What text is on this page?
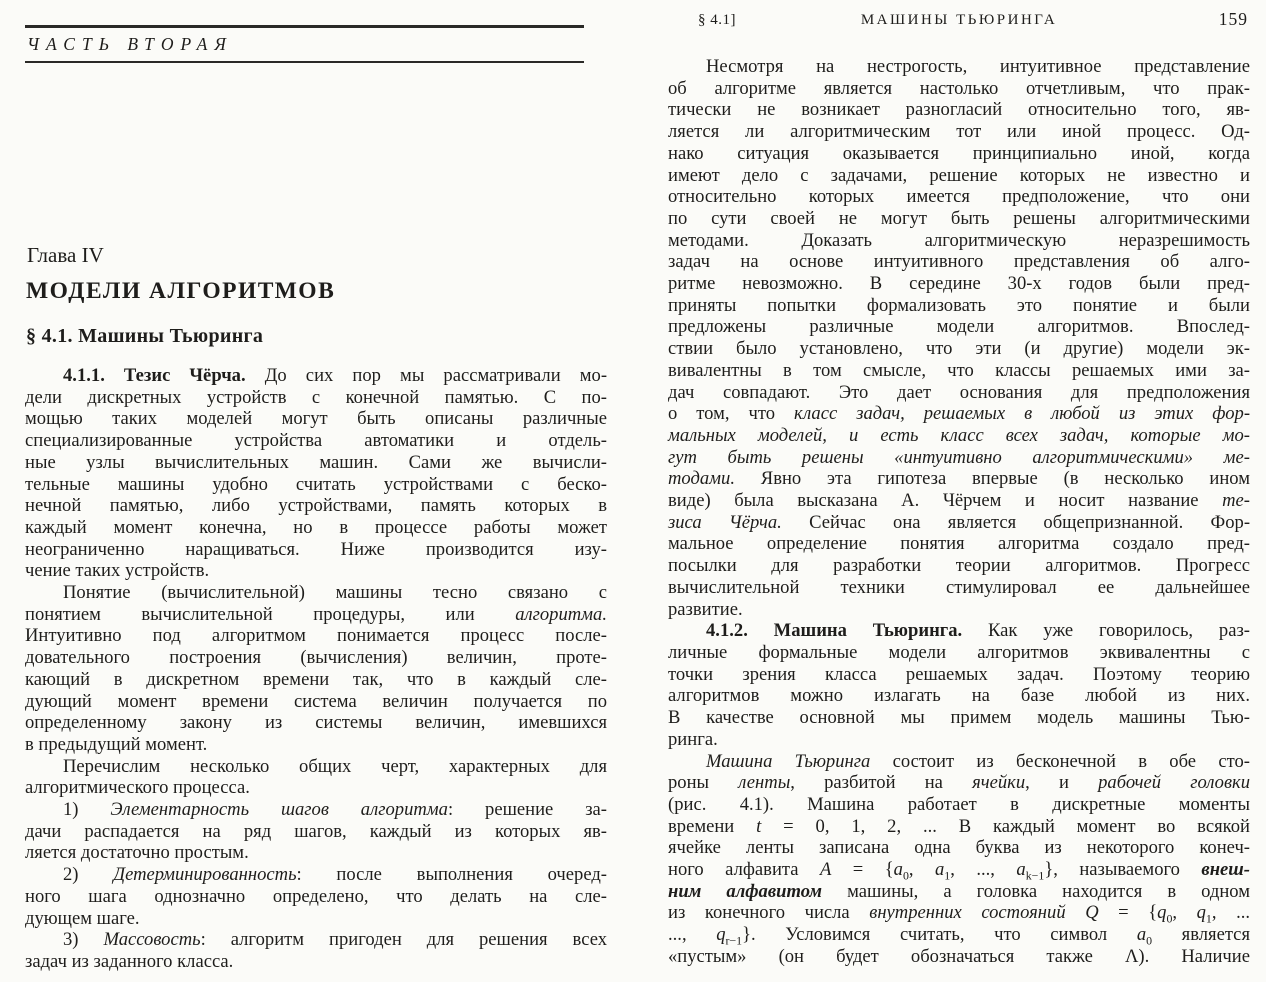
ЧАСТЬ ВТОРАЯ
Глава IV
МОДЕЛИ АЛГОРИТМОВ
§ 4.1. Машины Тьюринга
4.1.1. Тезис Чёрча. До сих пор мы рассматривали мо-
дели дискретных устройств с конечной памятью. С по-
мощью таких моделей могут быть описаны различные
специализированные устройства автоматики и отдель-
ные узлы вычислительных машин. Сами же вычисли-
тельные машины удобно считать устройствами с беско-
нечной памятью, либо устройствами, память которых в
каждый момент конечна, но в процессе работы может
неограниченно наращиваться. Ниже производится изу-
чение таких устройств.
Понятие (вычислительной) машины тесно связано с
понятием вычислительной процедуры, или алгоритма.
Интуитивно под алгоритмом понимается процесс после-
довательного построения (вычисления) величин, проте-
кающий в дискретном времени так, что в каждый сле-
дующий момент времени система величин получается по
определенному закону из системы величин, имевшихся
в предыдущий момент.
Перечислим несколько общих черт, характерных для
алгоритмического процесса.
1) Элементарность шагов алгоритма: решение за-
дачи распадается на ряд шагов, каждый из которых яв-
ляется достаточно простым.
2) Детерминированность: после выполнения очеред-
ного шага однозначно определено, что делать на сле-
дующем шаге.
3) Массовость: алгоритм пригоден для решения всех
задач из заданного класса.
§ 4.1]	МАШИНЫ ТЬЮРИНГА	159
Несмотря на нестрогость, интуитивное представление
об алгоритме является настолько отчетливым, что прак-
тически не возникает разногласий относительно того, яв-
ляется ли алгоритмическим тот или иной процесс. Од-
нако ситуация оказывается принципиально иной, когда
имеют дело с задачами, решение которых не известно и
относительно которых имеется предположение, что они
по сути своей не могут быть решены алгоритмическими
методами. Доказать алгоритмическую неразрешимость
задач на основе интуитивного представления об алго-
ритме невозможно. В середине 30-х годов были пред-
приняты попытки формализовать это понятие и были
предложены различные модели алгоритмов. Впослед-
ствии было установлено, что эти (и другие) модели эк-
вивалентны в том смысле, что классы решаемых ими за-
дач совпадают. Это дает основания для предположения
о том, что класс задач, решаемых в любой из этих фор-
мальных моделей, и есть класс всех задач, которые мо-
гут быть решены «интуитивно алгоритмическими» ме-
тодами. Явно эта гипотеза впервые (в несколько ином
виде) была высказана А. Чёрчем и носит название те-
зиса Чёрча. Сейчас она является общепризнанной. Фор-
мальное определение понятия алгоритма создало пред-
посылки для разработки теории алгоритмов. Прогресс
вычислительной техники стимулировал ее дальнейшее
развитие.
4.1.2. Машина Тьюринга. Как уже говорилось, раз-
личные формальные модели алгоритмов эквивалентны с
точки зрения класса решаемых задач. Поэтому теорию
алгоритмов можно излагать на базе любой из них.
В качестве основной мы примем модель машины Тью-
ринга.
Машина Тьюринга состоит из бесконечной в обе сто-
роны ленты, разбитой на ячейки, и рабочей головки
(рис. 4.1). Машина работает в дискретные моменты
времени t = 0, 1, 2, ... В каждый момент во всякой
ячейке ленты записана одна буква из некоторого конеч-
ного алфавита $A = \{a_0$, $a_1$, ..., $a_{k-1}$}, называемого внеш-
ним алфавитом машины, а головка находится в одном
из конечного числа внутренних состояний $Q = \{q_0$, $q_1$, ...
..., $q_{r-1}$}. Условимся считать, что символ $a_0$ является
«пустым» (он будет обозначаться также Λ). Наличие
